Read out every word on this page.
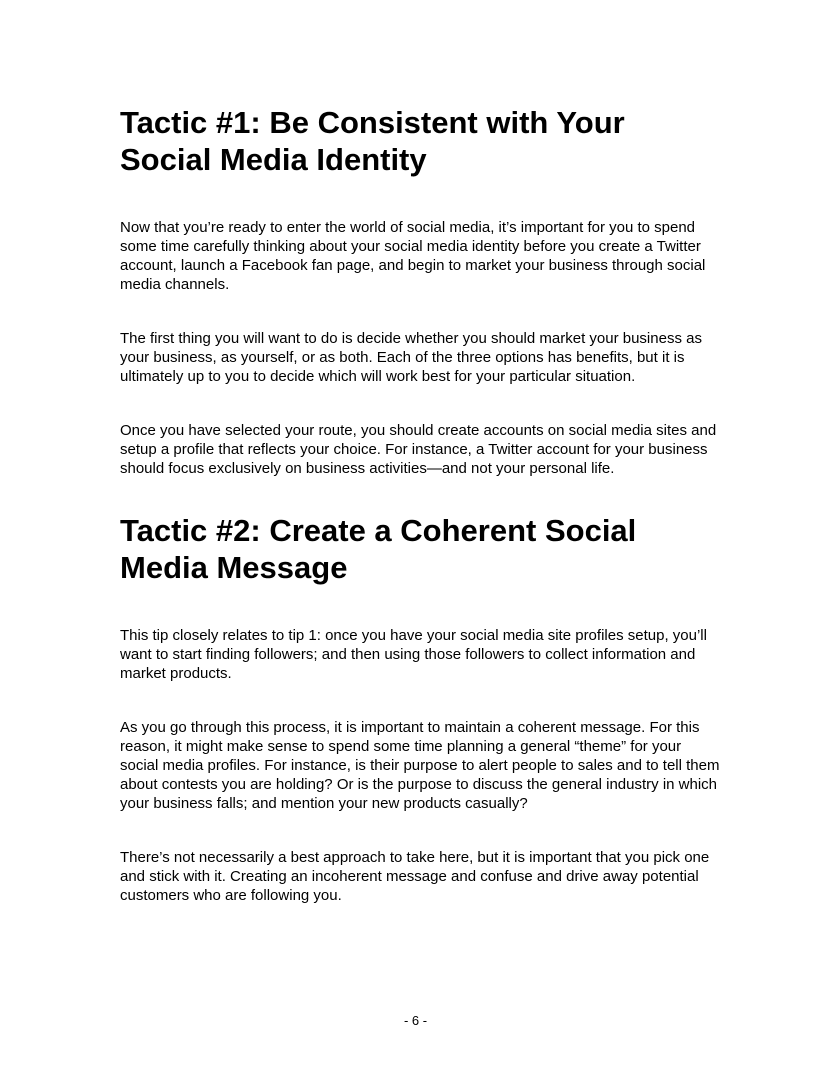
Tactic #1: Be Consistent with Your Social Media Identity

Now that you’re ready to enter the world of social media, it’s important for you to spend some time carefully thinking about your social media identity before you create a Twitter account, launch a Facebook fan page, and begin to market your business through social media channels.

The first thing you will want to do is decide whether you should market your business as your business, as yourself, or as both. Each of the three options has benefits, but it is ultimately up to you to decide which will work best for your particular situation.

Once you have selected your route, you should create accounts on social media sites and setup a profile that reflects your choice. For instance, a Twitter account for your business should focus exclusively on business activities—and not your personal life.

Tactic #2: Create a Coherent Social Media Message

This tip closely relates to tip 1: once you have your social media site profiles setup, you’ll want to start finding followers; and then using those followers to collect information and market products.

As you go through this process, it is important to maintain a coherent message. For this reason, it might make sense to spend some time planning a general “theme” for your social media profiles. For instance, is their purpose to alert people to sales and to tell them about contests you are holding? Or is the purpose to discuss the general industry in which your business falls; and mention your new products casually?

There’s not necessarily a best approach to take here, but it is important that you pick one and stick with it. Creating an incoherent message and confuse and drive away potential customers who are following you.

- 6 -
